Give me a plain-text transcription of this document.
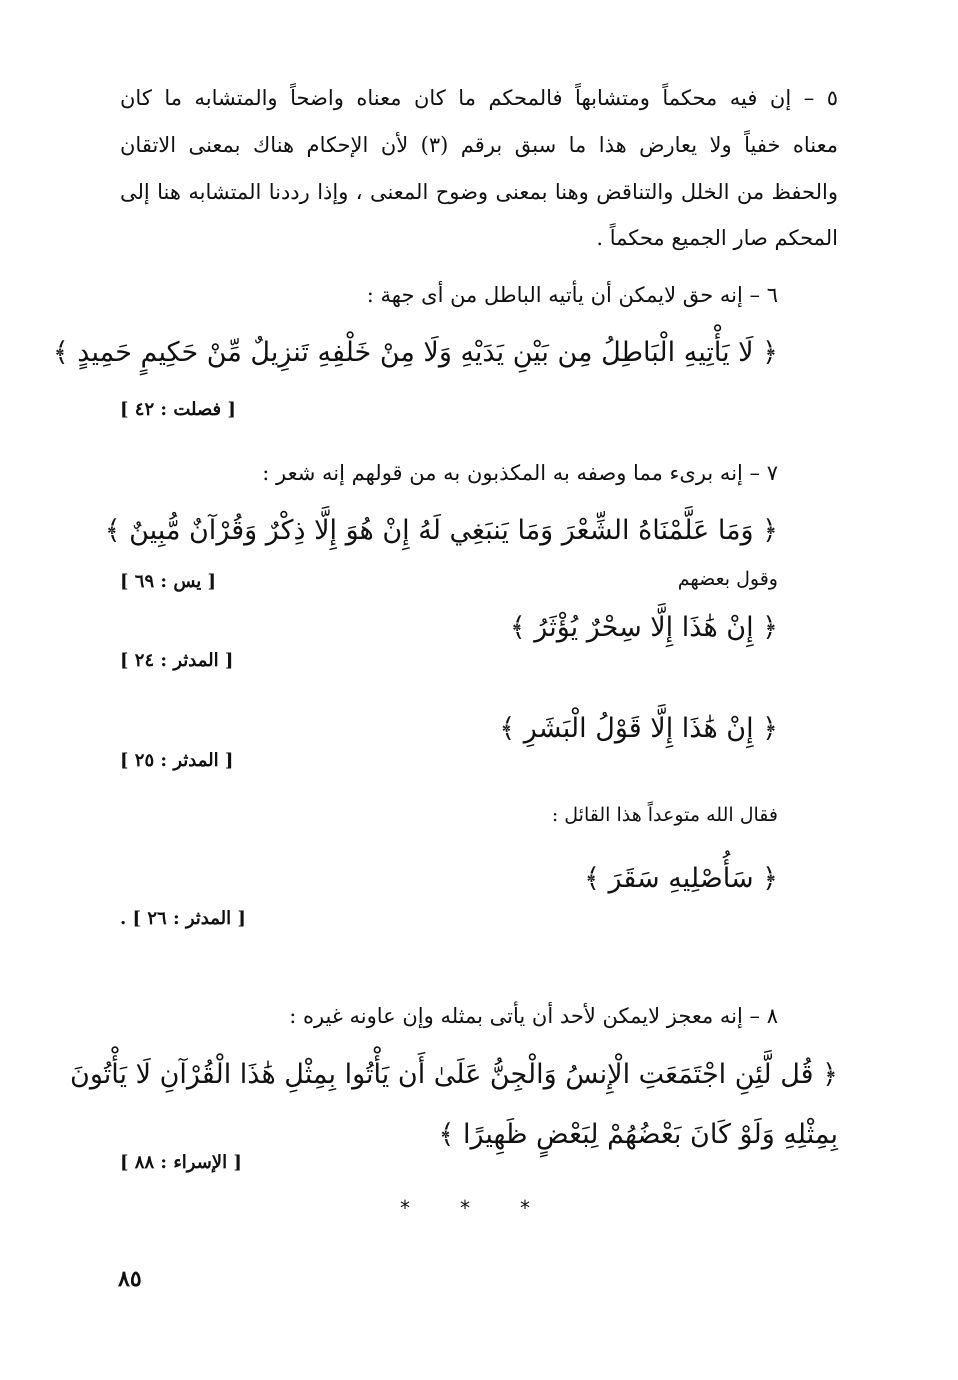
٥ – إن فيه محكماً ومتشابهاً فالمحكم ما كان معناه واضحاً والمتشابه ما كان
معناه خفياً ولا يعارض هذا ما سبق برقم (٣) لأن الإحكام هناك بمعنى الاتقان
والحفظ من الخلل والتناقض وهنا بمعنى وضوح المعنى ، وإذا رددنا المتشابه هنا إلى
المحكم صار الجميع محكماً .
٦ – إنه حق لايمكن أن يأتيه الباطل من أى جهة :
﴿ لَا يَأْتِيهِ الْبَاطِلُ مِن بَيْنِ يَدَيْهِ وَلَا مِنْ خَلْفِهِ تَنزِيلٌ مِّنْ حَكِيمٍ حَمِيدٍ ﴾
[ فصلت : ٤٢ ]
٧ – إنه برىء مما وصفه به المكذبون به من قولهم إنه شعر :
﴿ وَمَا عَلَّمْنَاهُ الشِّعْرَ وَمَا يَنبَغِي لَهُ إِنْ هُوَ إِلَّا ذِكْرٌ وَقُرْآنٌ مُّبِينٌ ﴾
[ يس : ٦٩ ]	وقول بعضهم
﴿ إِنْ هَٰذَا إِلَّا سِحْرٌ يُؤْثَرُ ﴾
[ المدثر : ٢٤ ]
﴿ إِنْ هَٰذَا إِلَّا قَوْلُ الْبَشَرِ ﴾
[ المدثر : ٢٥ ]
فقال الله متوعداً هذا القائل :
﴿ سَأُصْلِيهِ سَقَرَ ﴾
[ المدثر : ٢٦ ] .
٨ – إنه معجز لايمكن لأحد أن يأتى بمثله وإن عاونه غيره :
﴿ قُل لَّئِنِ اجْتَمَعَتِ الْإِنسُ وَالْجِنُّ عَلَىٰ أَن يَأْتُوا بِمِثْلِ هَٰذَا الْقُرْآنِ لَا يَأْتُونَ
بِمِثْلِهِ وَلَوْ كَانَ بَعْضُهُمْ لِبَعْضٍ ظَهِيرًا ﴾
[ الإسراء : ٨٨ ]
*	*	*
٨٥
